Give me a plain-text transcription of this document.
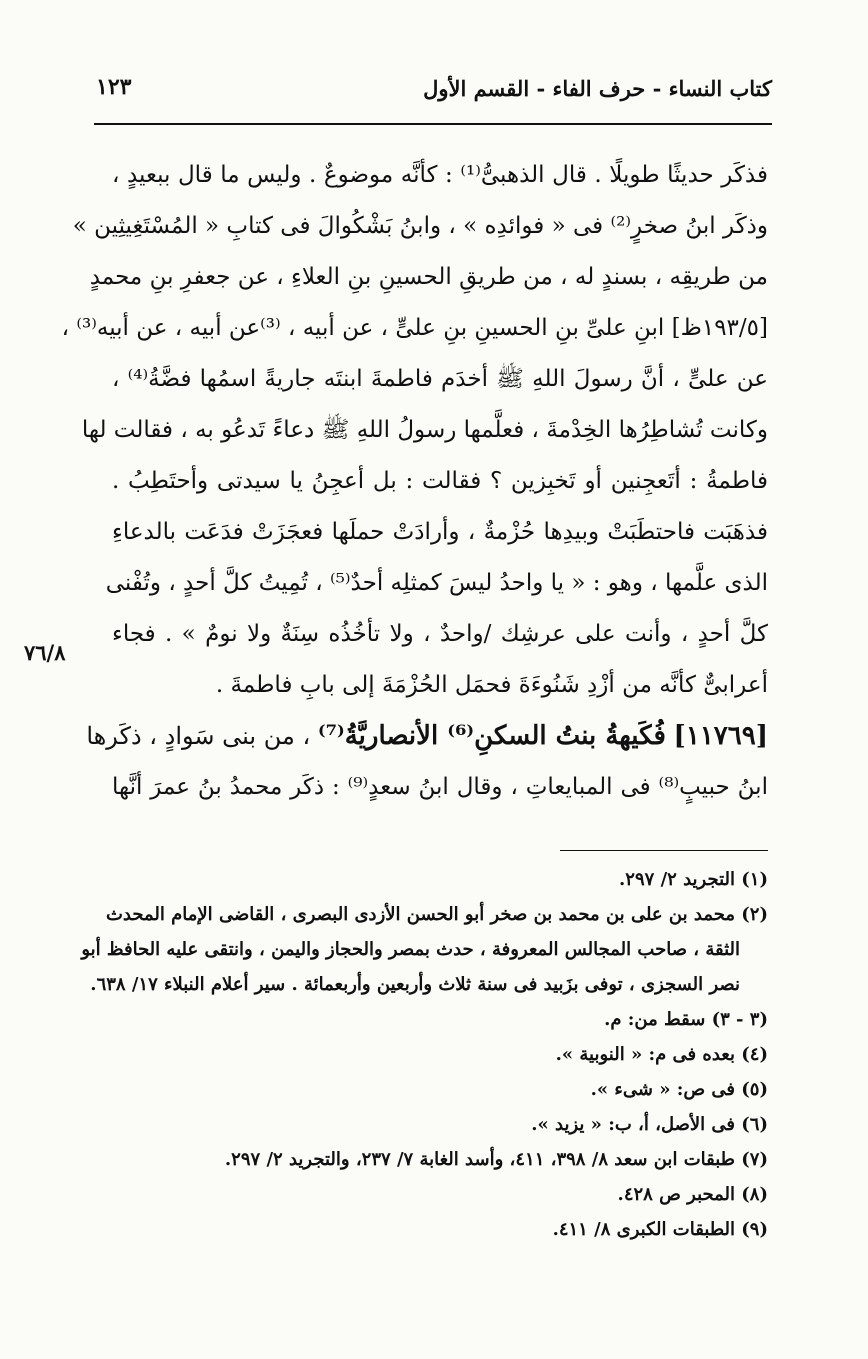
كتاب النساء - حرف الفاء - القسم الأول
١٢٣
فذكَر حديثًا طويلًا . قال الذهبىُّ⁽¹⁾ : كأنَّه موضوعٌ . وليس ما قال ببعيدٍ ،
وذكَر ابنُ صخرٍ⁽²⁾ فى « فوائدِه » ، وابنُ بَشْكُوالَ فى كتابِ « المُسْتَغِيثِين »
من طريقِه ، بسندٍ له ، من طريقِ الحسينِ بنِ العلاءِ ، عن جعفرِ بنِ محمدٍ
[١٩٣/٥ظ] ابنِ علىِّ بنِ الحسينِ بنِ علىٍّ ، عن أبيه ، ⁽³⁾عن أبيه ، عن أبيه⁽³⁾ ،
عن علىٍّ ، أنَّ رسولَ اللهِ ﷺ أخدَم فاطمةَ ابنتَه جاريةً اسمُها فضَّةُ⁽⁴⁾ ،
وكانت تُشاطِرُها الخِدْمةَ ، فعلَّمها رسولُ اللهِ ﷺ دعاءً تَدعُو به ، فقالت لها
فاطمةُ : أتَعجِنين أو تَخبِزين ؟ فقالت : بل أعجِنُ يا سيدتى وأحتَطِبُ .
فذهَبَت فاحتطَبَتْ وبيدِها حُزْمةٌ ، وأرادَتْ حملَها فعجَزَتْ فدَعَت بالدعاءِ
الذى علَّمها ، وهو : « يا واحدُ ليسَ كمثلِه أحدٌ⁽⁵⁾ ، تُمِيتُ كلَّ أحدٍ ، وتُفْنى
كلَّ أحدٍ ، وأنت على عرشِك /واحدٌ ، ولا تأخُذُه سِنَةٌ ولا نومٌ » . فجاء
أعرابىٌّ كأنَّه من أزْدِ شَنُوءَةَ فحمَل الحُزْمَةَ إلى بابِ فاطمةَ .
[١١٧٦٩] فُكَيهةُ بنتُ السكنِ⁽⁶⁾ الأنصاريَّةُ⁽⁷⁾ ، من بنى سَوادٍ ، ذكَرها
ابنُ حبيبٍ⁽⁸⁾ فى المبايعاتِ ، وقال ابنُ سعدٍ⁽⁹⁾ : ذكَر محمدُ بنُ عمرَ أنَّها
٧٦/٨
(١) التجريد ٢/ ٢٩٧.
(٢) محمد بن على بن محمد بن صخر أبو الحسن الأزدى البصرى ، القاضى الإمام المحدث
الثقة ، صاحب المجالس المعروفة ، حدث بمصر والحجاز واليمن ، وانتقى عليه الحافظ أبو
نصر السجزى ، توفى بزَبيد فى سنة ثلاث وأربعين وأربعمائة . سير أعلام النبلاء ١٧/ ٦٣٨.
(٣ - ٣) سقط من: م.
(٤) بعده فى م: « النوبية ».
(٥) فى ص: « شىء ».
(٦) فى الأصل، أ، ب: « يزيد ».
(٧) طبقات ابن سعد ٨/ ٣٩٨، ٤١١، وأسد الغابة ٧/ ٢٣٧، والتجريد ٢/ ٢٩٧.
(٨) المحبر ص ٤٢٨.
(٩) الطبقات الكبرى ٨/ ٤١١.
